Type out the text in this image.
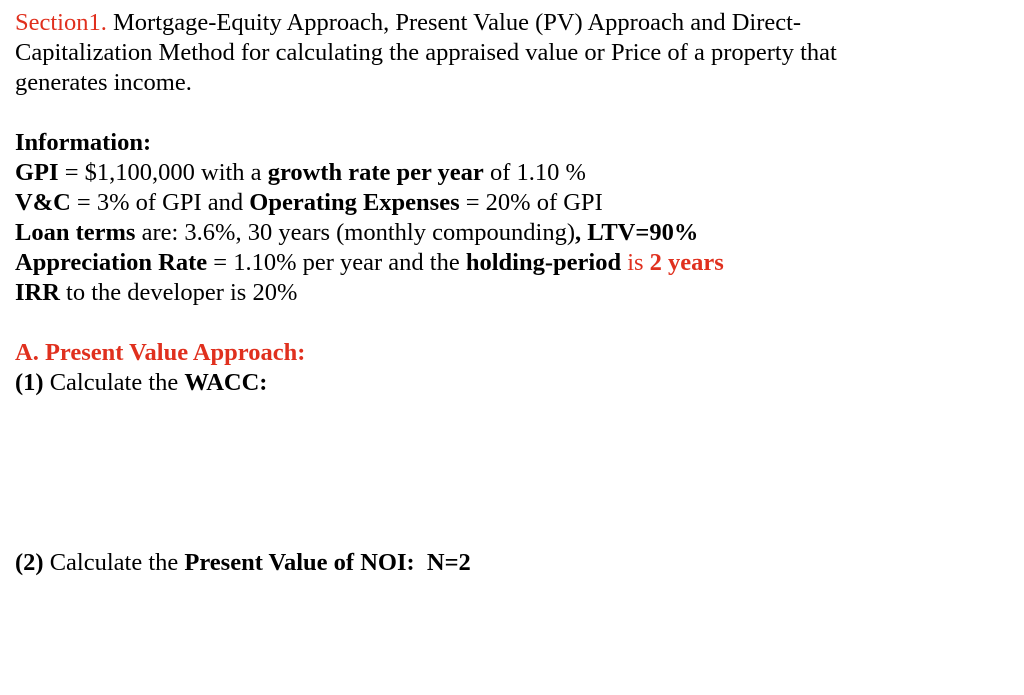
Section1. Mortgage-Equity Approach, Present Value (PV) Approach and Direct-
Capitalization Method for calculating the appraised value or Price of a property that
generates income.
Information:
GPI = $1,100,000 with a growth rate per year of 1.10 %
V&C = 3% of GPI and Operating Expenses = 20% of GPI
Loan terms are: 3.6%, 30 years (monthly compounding), LTV=90%
Appreciation Rate = 1.10% per year and the holding-period is 2 years
IRR to the developer is 20%
A. Present Value Approach:
(1) Calculate the WACC:
(2) Calculate the Present Value of NOI:  N=2
